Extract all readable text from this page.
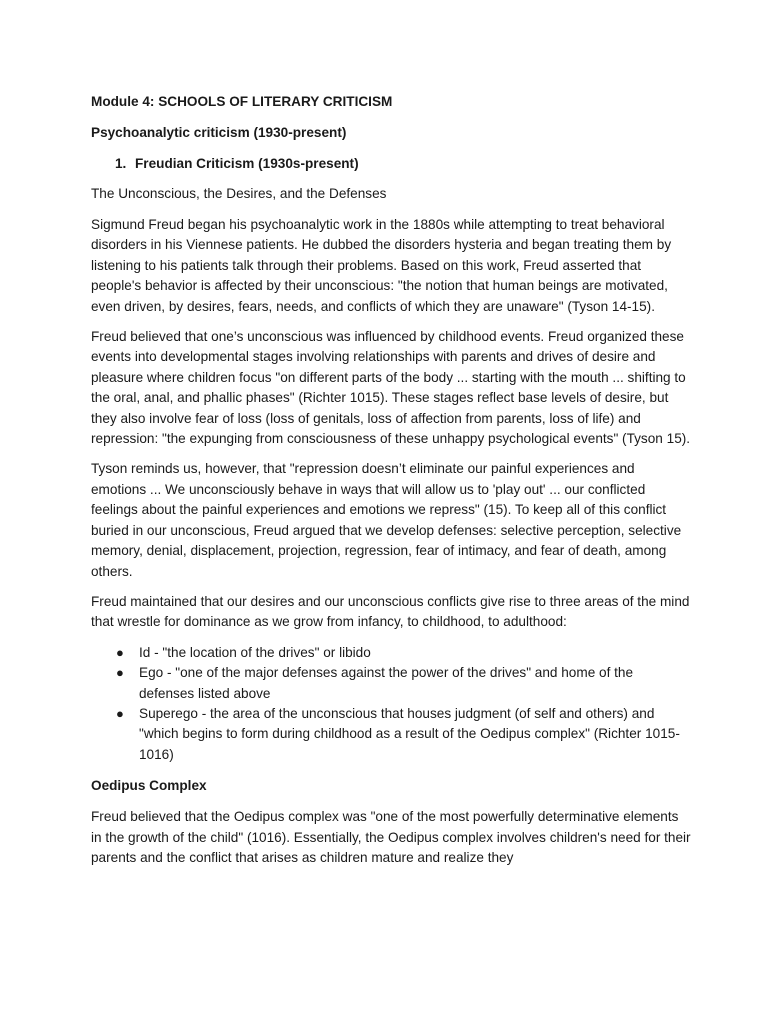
Module 4: SCHOOLS OF LITERARY CRITICISM
Psychoanalytic criticism (1930-present)
1. Freudian Criticism (1930s-present)
The Unconscious, the Desires, and the Defenses

Sigmund Freud began his psychoanalytic work in the 1880s while attempting to treat behavioral disorders in his Viennese patients. He dubbed the disorders hysteria and began treating them by listening to his patients talk through their problems. Based on this work, Freud asserted that people's behavior is affected by their unconscious: "the notion that human beings are motivated, even driven, by desires, fears, needs, and conflicts of which they are unaware" (Tyson 14-15).

Freud believed that one’s unconscious was influenced by childhood events. Freud organized these events into developmental stages involving relationships with parents and drives of desire and pleasure where children focus "on different parts of the body ... starting with the mouth ... shifting to the oral, anal, and phallic phases" (Richter 1015). These stages reflect base levels of desire, but they also involve fear of loss (loss of genitals, loss of affection from parents, loss of life) and repression: "the expunging from consciousness of these unhappy psychological events" (Tyson 15).

Tyson reminds us, however, that "repression doesn’t eliminate our painful experiences and emotions ... We unconsciously behave in ways that will allow us to 'play out' ... our conflicted feelings about the painful experiences and emotions we repress" (15). To keep all of this conflict buried in our unconscious, Freud argued that we develop defenses: selective perception, selective memory, denial, displacement, projection, regression, fear of intimacy, and fear of death, among others.

Freud maintained that our desires and our unconscious conflicts give rise to three areas of the mind that wrestle for dominance as we grow from infancy, to childhood, to adulthood:

● Id - "the location of the drives" or libido
● Ego - "one of the major defenses against the power of the drives" and home of the defenses listed above
● Superego - the area of the unconscious that houses judgment (of self and others) and "which begins to form during childhood as a result of the Oedipus complex" (Richter 1015-1016)
Oedipus Complex

Freud believed that the Oedipus complex was "one of the most powerfully determinative elements in the growth of the child" (1016). Essentially, the Oedipus complex involves children's need for their parents and the conflict that arises as children mature and realize they
